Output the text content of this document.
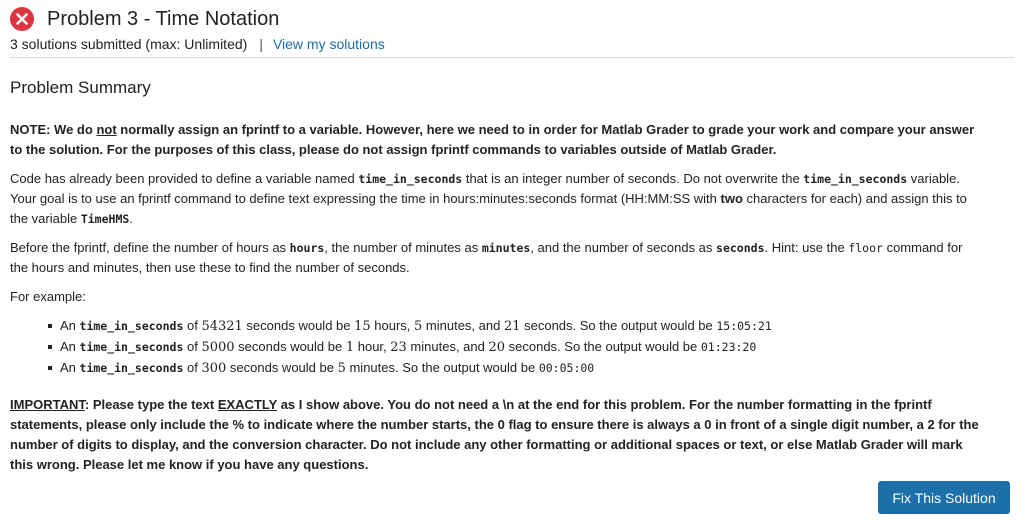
Problem 3 - Time Notation
3 solutions submitted (max: Unlimited) | View my solutions
Problem Summary

NOTE: We do not normally assign an fprintf to a variable. However, here we need to in order for Matlab Grader to grade your work and compare your answer to the solution. For the purposes of this class, please do not assign fprintf commands to variables outside of Matlab Grader.

Code has already been provided to define a variable named time_in_seconds that is an integer number of seconds. Do not overwrite the time_in_seconds variable. Your goal is to use an fprintf command to define text expressing the time in hours:minutes:seconds format (HH:MM:SS with two characters for each) and assign this to the variable TimeHMS.

Before the fprintf, define the number of hours as hours, the number of minutes as minutes, and the number of seconds as seconds. Hint: use the floor command for the hours and minutes, then use these to find the number of seconds.

For example:

An time_in_seconds of 54321 seconds would be 15 hours, 5 minutes, and 21 seconds. So the output would be 15:05:21
An time_in_seconds of 5000 seconds would be 1 hour, 23 minutes, and 20 seconds. So the output would be 01:23:20
An time_in_seconds of 300 seconds would be 5 minutes. So the output would be 00:05:00

IMPORTANT: Please type the text EXACTLY as I show above. You do not need a \n at the end for this problem. For the number formatting in the fprintf statements, please only include the % to indicate where the number starts, the 0 flag to ensure there is always a 0 in front of a single digit number, a 2 for the number of digits to display, and the conversion character. Do not include any other formatting or additional spaces or text, or else Matlab Grader will mark this wrong. Please let me know if you have any questions.

Fix This Solution
